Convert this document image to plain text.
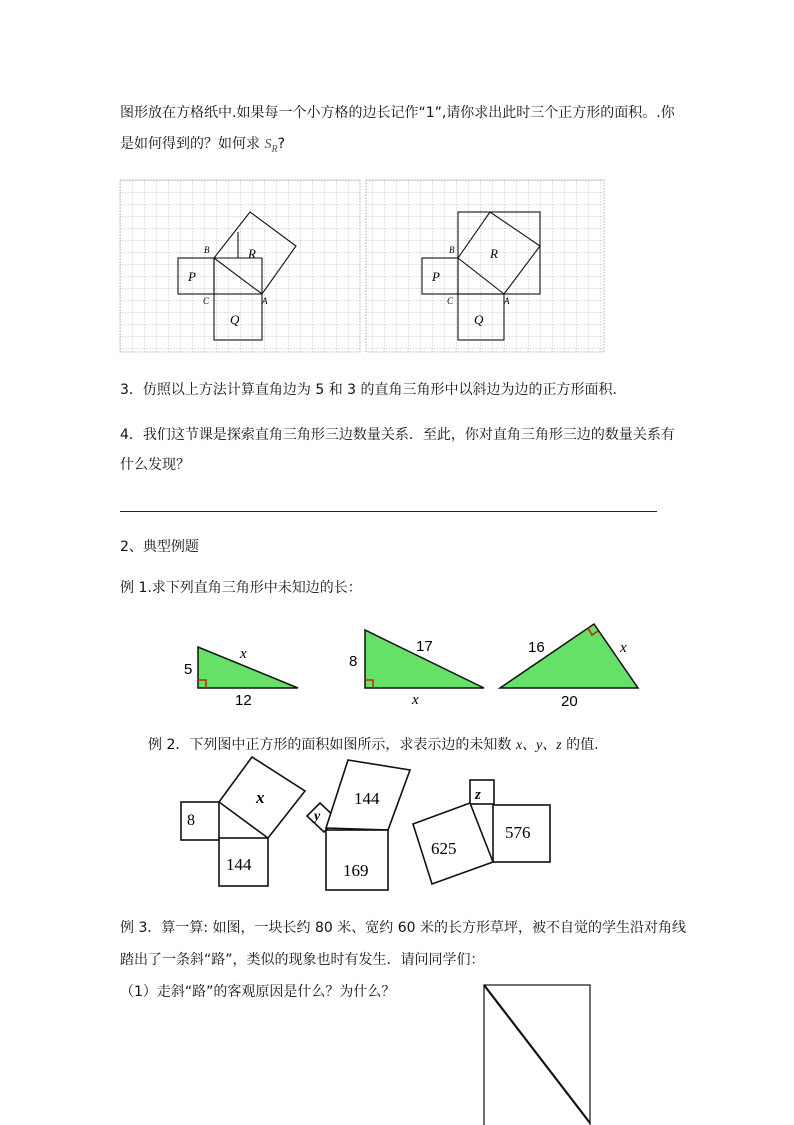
图形放在方格纸中.如果每一个小方格的边长记作“1”,请你求出此时三个正方形的面积。.你
是如何得到的？如何求 $S_R$?
B
C	A
P
Q
R	B
C	A
P
Q
R
3．仿照以上方法计算直角边为 5 和 3 的直角三角形中以斜边为边的正方形面积．
4．我们这节课是探索直角三角形三边数量关系．至此，你对直角三角形三边的数量关系有
什么发现？
2、典型例题
例 1.求下列直角三角形中未知边的长：
5
12
x	8
17
x
16	x
20
例 2．下列图中正方形的面积如图所示，求表示边的未知数 x、y、z 的值.
x
8
144
144
y
169
z
625
576
例 3．算一算: 如图，一块长约 80 米、宽约 60 米的长方形草坪，被不自觉的学生沿对角线
踏出了一条斜“路”，类似的现象也时有发生．请问同学们：
（1）走斜“路”的客观原因是什么？为什么？
